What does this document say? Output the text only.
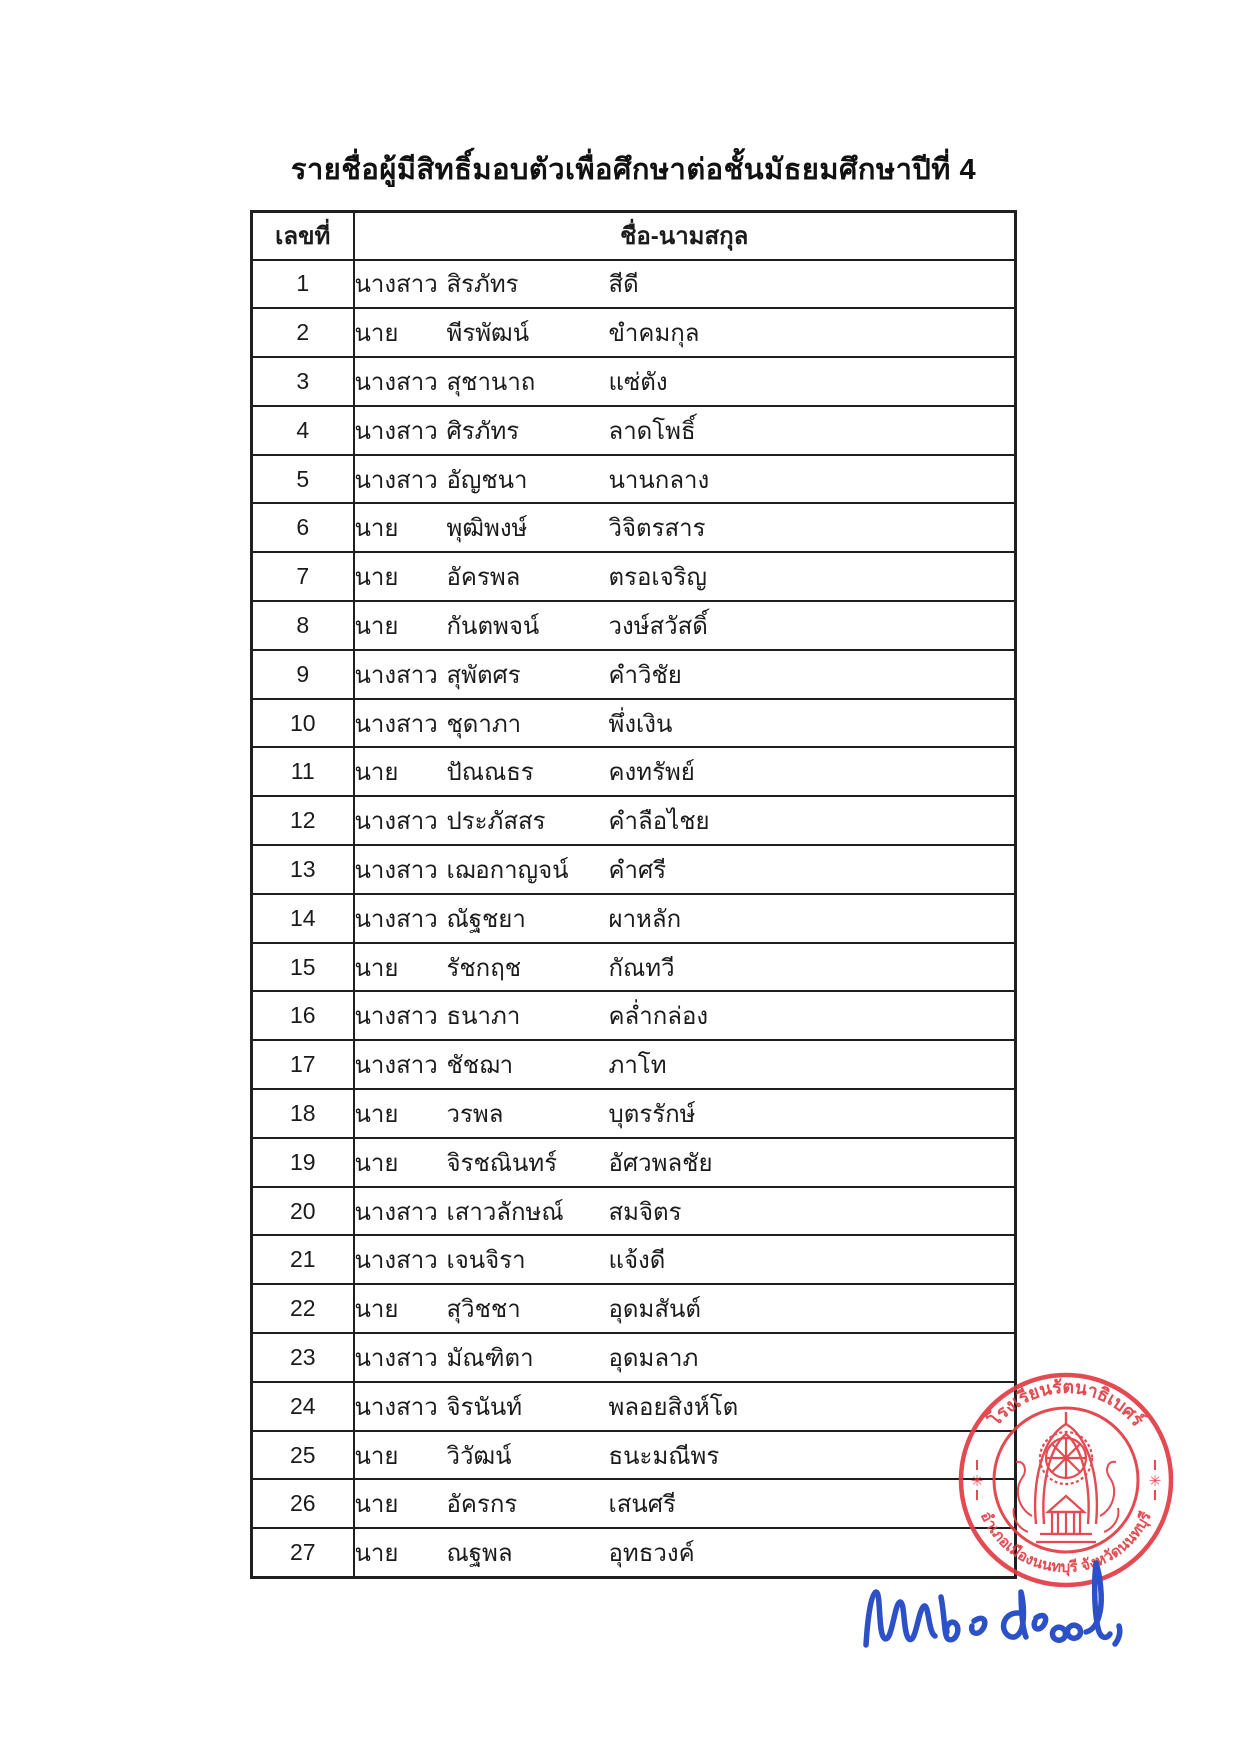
รายชื่อผู้มีสิทธิ์มอบตัวเพื่อศึกษาต่อชั้นมัธยมศึกษาปีที่ 4
เลขที่	ชื่อ-นามสกุล
1	นางสาว สิรภัทร สีดี
2	นาย พีรพัฒน์ ขำคมกุล
3	นางสาว สุชานาถ แซ่ตัง
4	นางสาว ศิรภัทร ลาดโพธิ์
5	นางสาว อัญชนา นานกลาง
6	นาย พุฒิพงษ์ วิจิตรสาร
7	นาย อัครพล ตรอเจริญ
8	นาย กันตพจน์ วงษ์สวัสดิ์
9	นางสาว สุพัตศร คำวิชัย
10	นางสาว ชุดาภา พึ่งเงิน
11	นาย ปัณณธร คงทรัพย์
12	นางสาว ประภัสสร คำลือไชย
13	นางสาว เฌอกาญจน์ คำศรี
14	นางสาว ณัฐชยา ผาหลัก
15	นาย รัชกฤช กัณทวี
16	นางสาว ธนาภา คล่ำกล่อง
17	นางสาว ชัชฌา ภาโท
18	นาย วรพล บุตรรักษ์
19	นาย จิรชณินทร์ อัศวพลชัย
20	นางสาว เสาวลักษณ์ สมจิตร
21	นางสาว เจนจิรา แจ้งดี
22	นาย สุวิชชา อุดมสันต์
23	นางสาว มัณฑิตา อุดมลาภ
24	นางสาว จิรนันท์ พลอยสิงห์โต
25	นาย วิวัฒน์ ธนะมณีพร
26	นาย อัครกร เสนศรี
27	นาย ณฐพล อุทธวงค์
โรงเรียนรัตนาธิเบศร์
อำเภอเมืองนนทบุรี จังหวัดนนทบุรี
✳	✳
